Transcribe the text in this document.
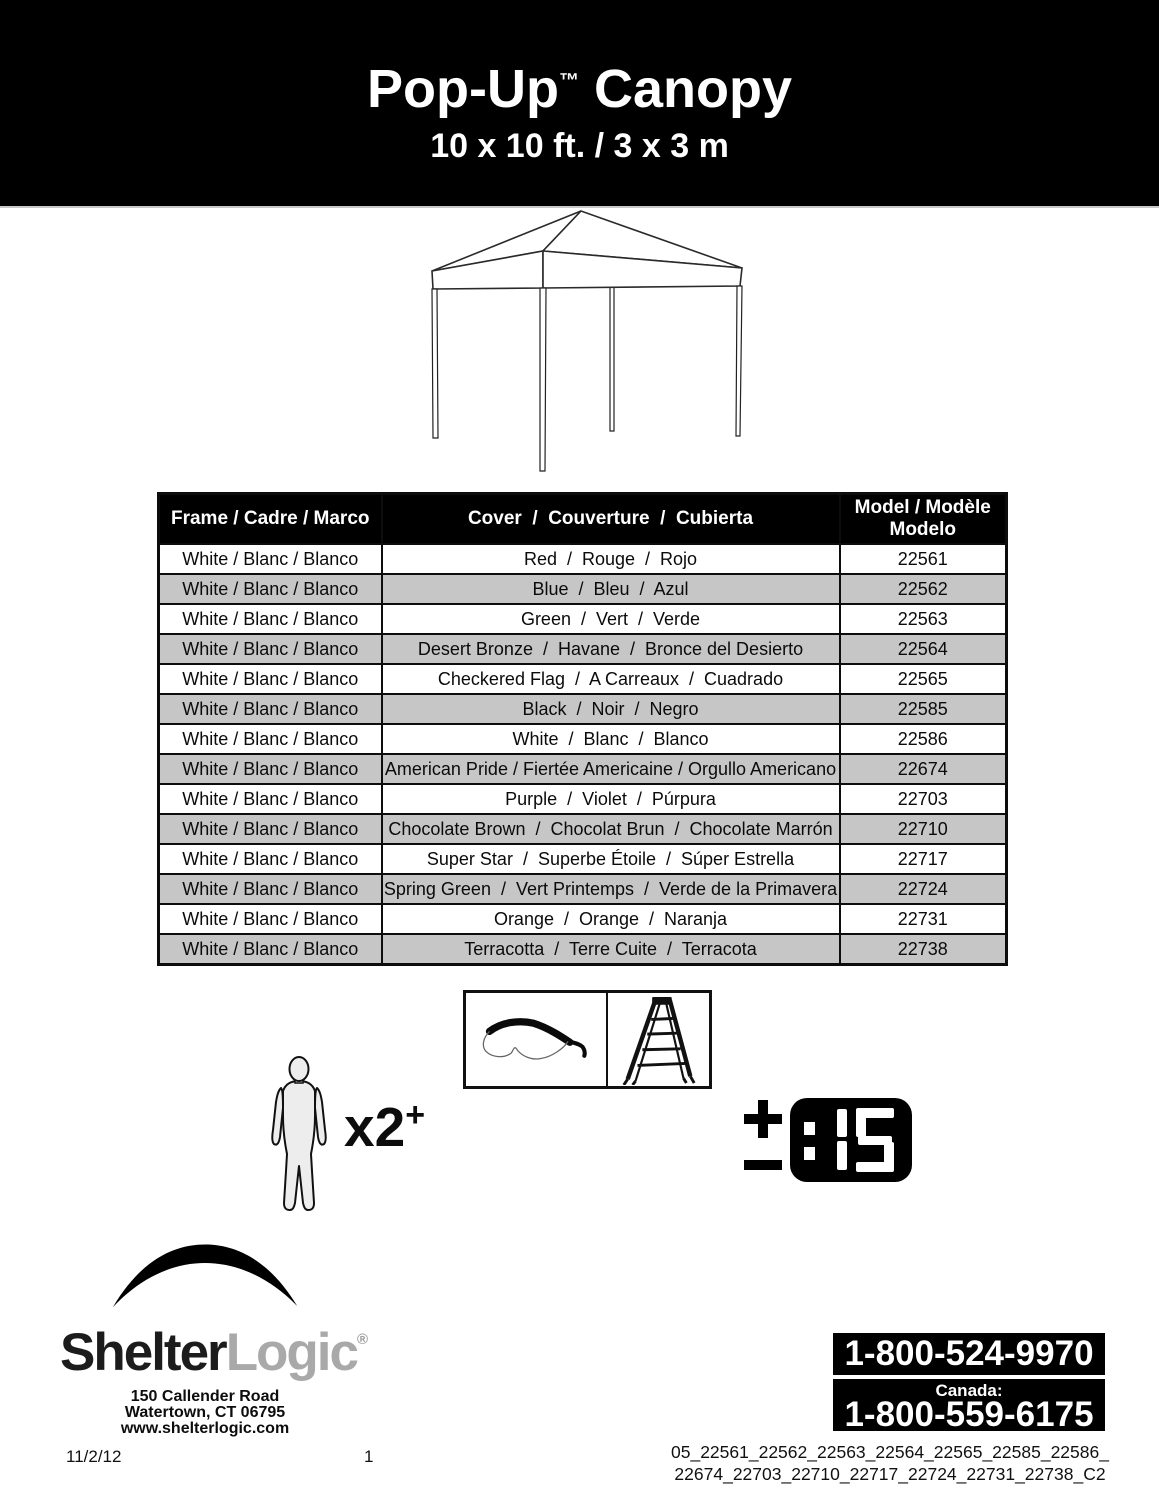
Pop-Up™ Canopy
10 x 10 ft. / 3 x 3 m
Frame / Cadre / Marco	Cover  /  Couverture  /  Cubierta	Model / Modèle
Modelo

White / Blanc / Blanco	Red  /  Rouge  /  Rojo	22561
White / Blanc / Blanco	Blue  /  Bleu  /  Azul	22562
White / Blanc / Blanco	Green  /  Vert  /  Verde	22563
White / Blanc / Blanco	Desert Bronze  /  Havane  /  Bronce del Desierto	22564
White / Blanc / Blanco	Checkered Flag  /  A Carreaux  /  Cuadrado	22565
White / Blanc / Blanco	Black  /  Noir  /  Negro	22585
White / Blanc / Blanco	White  /  Blanc  /  Blanco	22586
White / Blanc / Blanco	American Pride / Fiertée Americaine / Orgullo Americano	22674
White / Blanc / Blanco	Purple  /  Violet  /  Púrpura	22703
White / Blanc / Blanco	Chocolate Brown  /  Chocolat Brun  /  Chocolate Marrón	22710
White / Blanc / Blanco	Super Star  /  Superbe Étoile  /  Súper Estrella	22717
White / Blanc / Blanco	Spring Green  /  Vert Printemps  /  Verde de la Primavera	22724
White / Blanc / Blanco	Orange  /  Orange  /  Naranja	22731
White / Blanc / Blanco	Terracotta  /  Terre Cuite  /  Terracota	22738
x2+
ShelterLogic®
150 Callender Road
Watertown, CT 06795
www.shelterlogic.com
1-800-524-9970
Canada:
1-800-559-6175
11/2/12	1	05_22561_22562_22563_22564_22565_22585_22586_
22674_22703_22710_22717_22724_22731_22738_C2
